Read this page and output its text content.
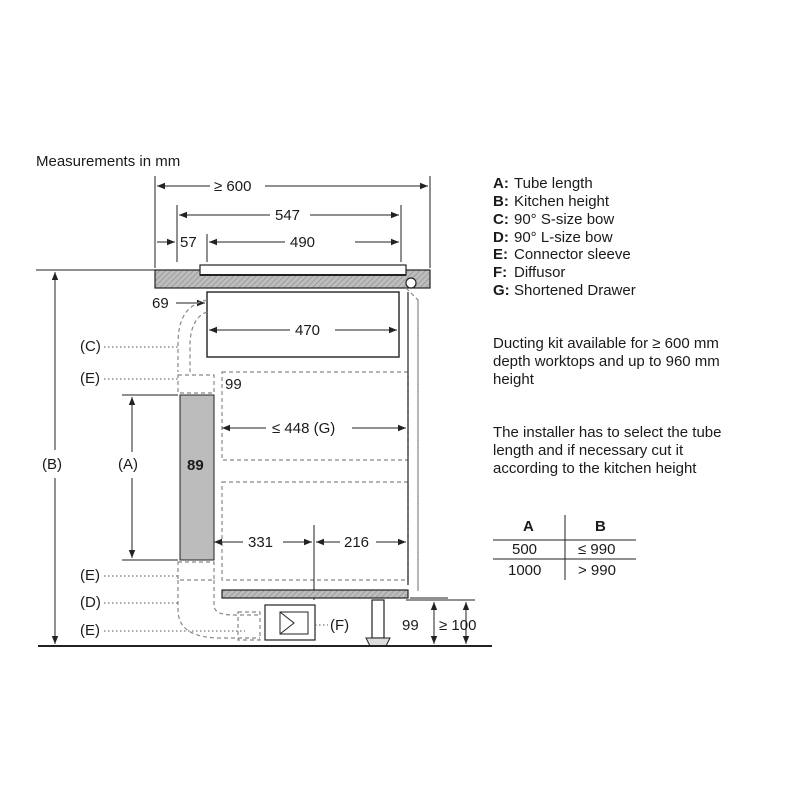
Measurements in mm
≥ 600
547
57	490
470
69
89
99
≤ 448 (G)
331	216
99 ≥ 100
(B)	(A)
(C)
(E)
(E)
(D)
(E)	(F)
A: Tube length
B: Kitchen height
C: 90° S-size bow
D: 90° L-size bow
E: Connector sleeve
F: Diffusor
G: Shortened Drawer
Ducting kit available for ≥ 600 mm
depth worktops and up to 960 mm
height
The installer has to select the tube
length and if necessary cut it
according to the kitchen height
A	B
500	≤ 990
1000 > 990
